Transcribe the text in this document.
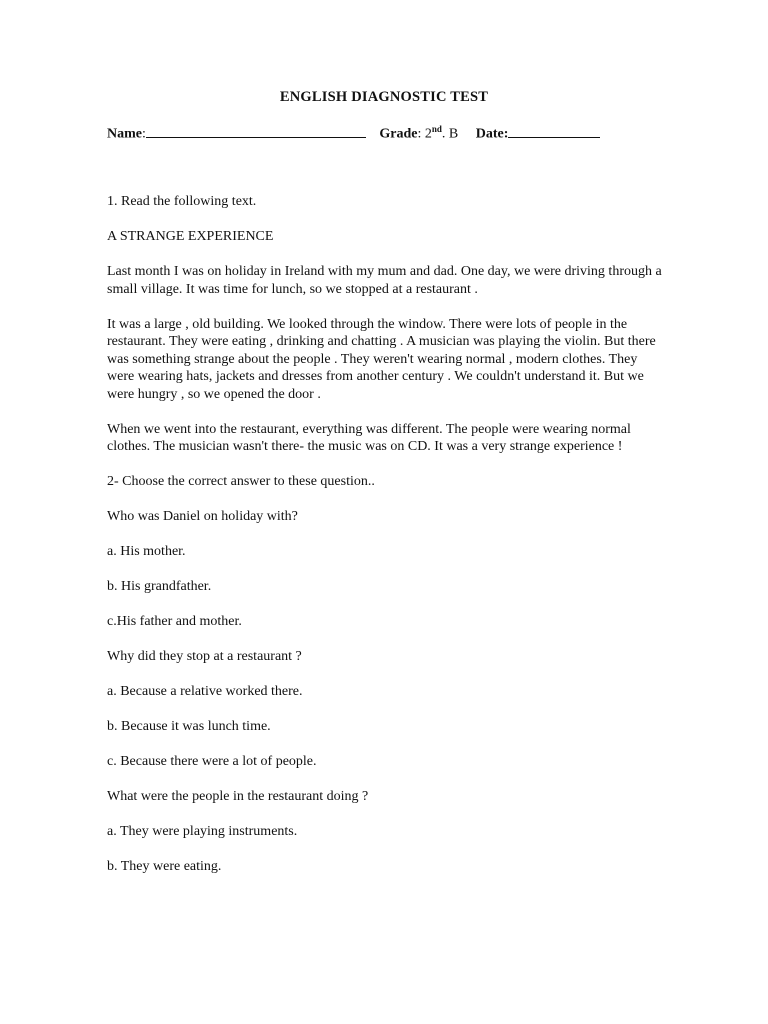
ENGLISH DIAGNOSTIC TEST
Name:	Grade: 2nd. B Date:

1. Read the following text.

A STRANGE EXPERIENCE

Last month I was on holiday in Ireland with my mum and dad. One day, we were driving through a small village. It was time for lunch, so we stopped at a restaurant .

It was a large , old building. We looked through the window. There were lots of people in the restaurant. They were eating , drinking and chatting . A musician was playing the violin. But there was something strange about the people . They weren't wearing normal , modern clothes. They were wearing hats, jackets and dresses from another century . We couldn't understand it. But we were hungry , so we opened the door .

When we went into the restaurant, everything was different. The people were wearing normal clothes. The musician wasn't there- the music was on CD. It was a very strange experience !

2- Choose the correct answer to these question..

Who was Daniel on holiday with?

a. His mother.

b. His grandfather.

c.His father and mother.

Why did they stop at a restaurant ?

a. Because a relative worked there.

b. Because it was lunch time.

c. Because there were a lot of people.

What were the people in the restaurant doing ?

a. They were playing instruments.

b. They were eating.
